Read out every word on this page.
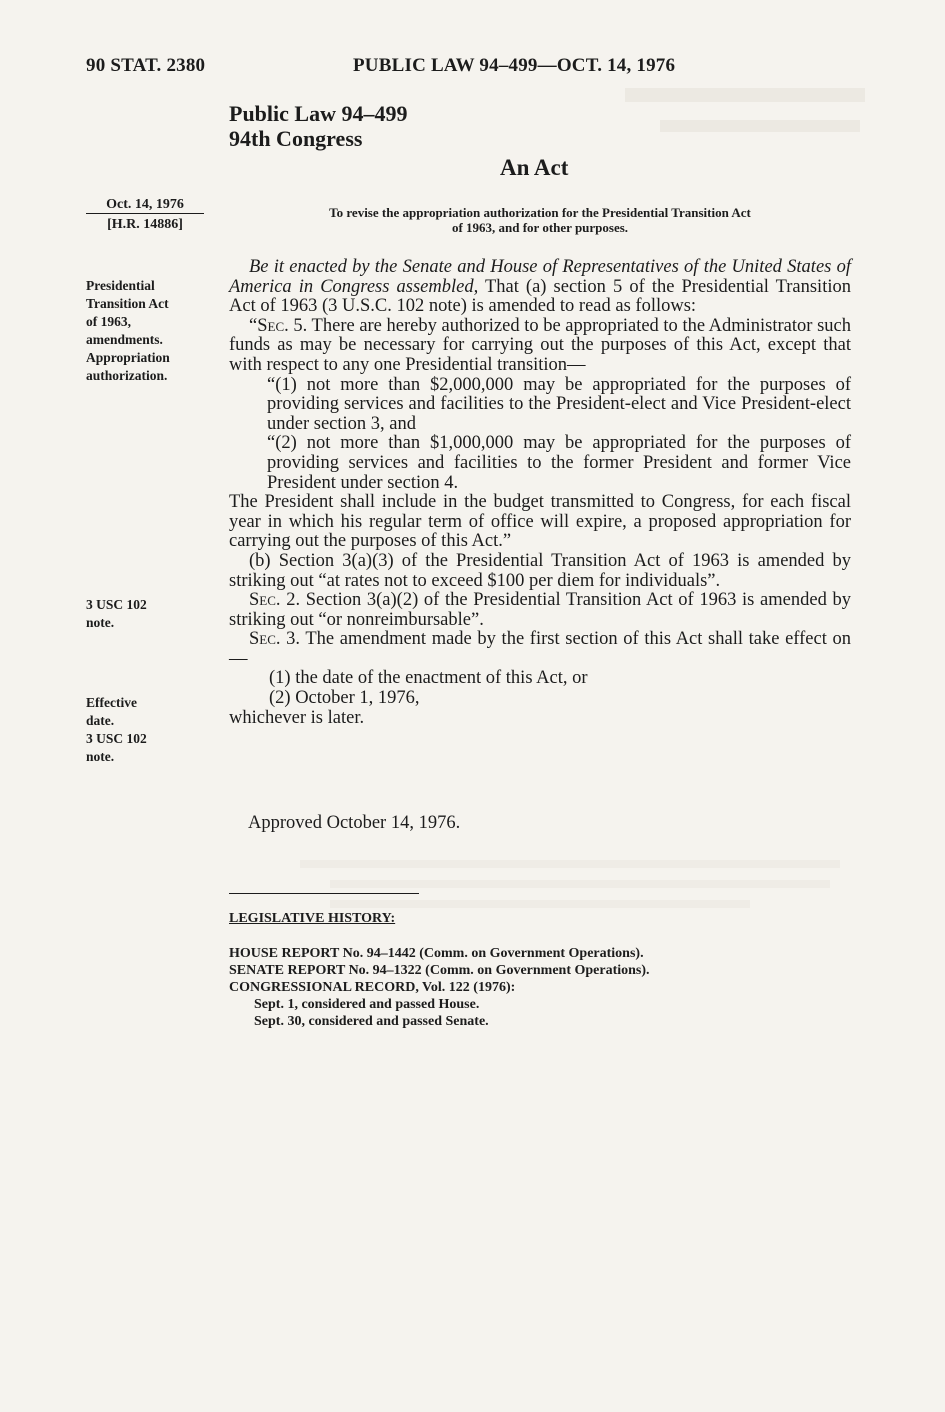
90 STAT. 2380	PUBLIC LAW 94–499—OCT. 14, 1976
Public Law 94–499
94th Congress
An Act
Oct. 14, 1976
[H.R. 14886]
To revise the appropriation authorization for the Presidential Transition Act
of 1963, and for other purposes.
Presidential
Transition Act
of 1963,
amendments.
Appropriation
authorization.
3 USC 102
note.
Effective
date.
3 USC 102
note.

Be it enacted by the Senate and House of Representatives of the United States of America in Congress assembled, That (a) section 5 of the Presidential Transition Act of 1963 (3 U.S.C. 102 note) is amended to read as follows:

“Sec. 5. There are hereby authorized to be appropriated to the Administrator such funds as may be necessary for carrying out the purposes of this Act, except that with respect to any one Presidential transition—

“(1) not more than $2,000,000 may be appropriated for the purposes of providing services and facilities to the President-elect and Vice President-elect under section 3, and

“(2) not more than $1,000,000 may be appropriated for the purposes of providing services and facilities to the former President and former Vice President under section 4.

The President shall include in the budget transmitted to Congress, for each fiscal year in which his regular term of office will expire, a proposed appropriation for carrying out the purposes of this Act.”

(b) Section 3(a)(3) of the Presidential Transition Act of 1963 is amended by striking out “at rates not to exceed $100 per diem for individuals”.

Sec. 2. Section 3(a)(2) of the Presidential Transition Act of 1963 is amended by striking out “or nonreimbursable”.

Sec. 3. The amendment made by the first section of this Act shall take effect on—

(1) the date of the enactment of this Act, or

(2) October 1, 1976,

whichever is later.

Approved October 14, 1976.
LEGISLATIVE HISTORY:
HOUSE REPORT No. 94–1442 (Comm. on Government Operations).
SENATE REPORT No. 94–1322 (Comm. on Government Operations).
CONGRESSIONAL RECORD, Vol. 122 (1976):
Sept. 1, considered and passed House.
Sept. 30, considered and passed Senate.
